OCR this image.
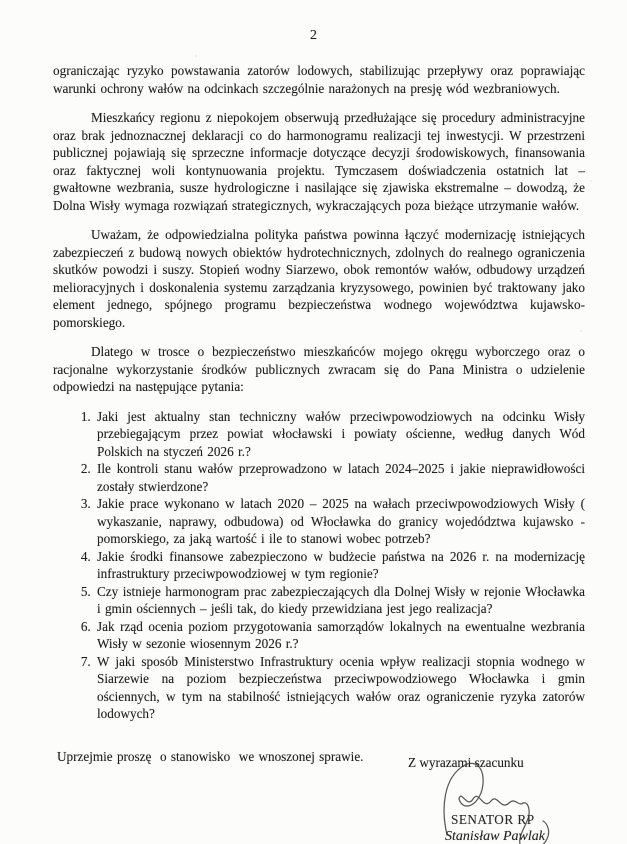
2

ograniczając ryzyko powstawania zatorów lodowych, stabilizując przepływy oraz poprawiając warunki ochrony wałów na odcinkach szczególnie narażonych na presję wód wezbraniowych.

Mieszkańcy regionu z niepokojem obserwują przedłużające się procedury administracyjne oraz brak jednoznacznej deklaracji co do harmonogramu realizacji tej inwestycji. W przestrzeni publicznej pojawiają się sprzeczne informacje dotyczące decyzji środowiskowych, finansowania oraz faktycznej woli kontynuowania projektu. Tymczasem doświadczenia ostatnich lat – gwałtowne wezbrania, susze hydrologiczne i nasilające się zjawiska ekstremalne – dowodzą, że Dolna Wisły wymaga rozwiązań strategicznych, wykraczających poza bieżące utrzymanie wałów.

Uważam, że odpowiedzialna polityka państwa powinna łączyć modernizację istniejących zabezpieczeń z budową nowych obiektów hydrotechnicznych, zdolnych do realnego ograniczenia skutków powodzi i suszy. Stopień wodny Siarzewo, obok remontów wałów, odbudowy urządzeń melioracyjnych i doskonalenia systemu zarządzania kryzysowego, powinien być traktowany jako element jednego, spójnego programu bezpieczeństwa wodnego województwa kujawsko-pomorskiego.

Dlatego w trosce o bezpieczeństwo mieszkańców mojego okręgu wyborczego oraz o racjonalne wykorzystanie środków publicznych zwracam się do Pana Ministra o udzielenie odpowiedzi na następujące pytania:

1. Jaki jest aktualny stan techniczny wałów przeciwpowodziowych na odcinku Wisły przebiegającym przez powiat włocławski i powiaty ościenne, według danych Wód Polskich na styczeń 2026 r.?
2. Ile kontroli stanu wałów przeprowadzono w latach 2024–2025 i jakie nieprawidłowości zostały stwierdzone?
3. Jakie prace wykonano w latach 2020 – 2025 na wałach przeciwpowodziowych Wisły ( wykaszanie, naprawy, odbudowa) od Włocławka do granicy wojedództwa kujawsko - pomorskiego, za jaką wartość i ile to stanowi wobec potrzeb?
4. Jakie środki finansowe zabezpieczono w budżecie państwa na 2026 r. na modernizację infrastruktury przeciwpowodziowej w tym regionie?
5. Czy istnieje harmonogram prac zabezpieczających dla Dolnej Wisły w rejonie Włocławka i gmin ościennych – jeśli tak, do kiedy przewidziana jest jego realizacja?
6. Jak rząd ocenia poziom przygotowania samorządów lokalnych na ewentualne wezbrania Wisły w sezonie wiosennym 2026 r.?
7. W jaki sposób Ministerstwo Infrastruktury ocenia wpływ realizacji stopnia wodnego w Siarzewie na poziom bezpieczeństwa przeciwpowodziowego Włocławka i gmin ościennych, w tym na stabilność istniejących wałów oraz ograniczenie ryzyka zatorów lodowych?

Uprzejmie proszę  o stanowisko  we wnoszonej sprawie.	Z wyrazami szacunku
SENATOR RP
Stanisław Pawlak
